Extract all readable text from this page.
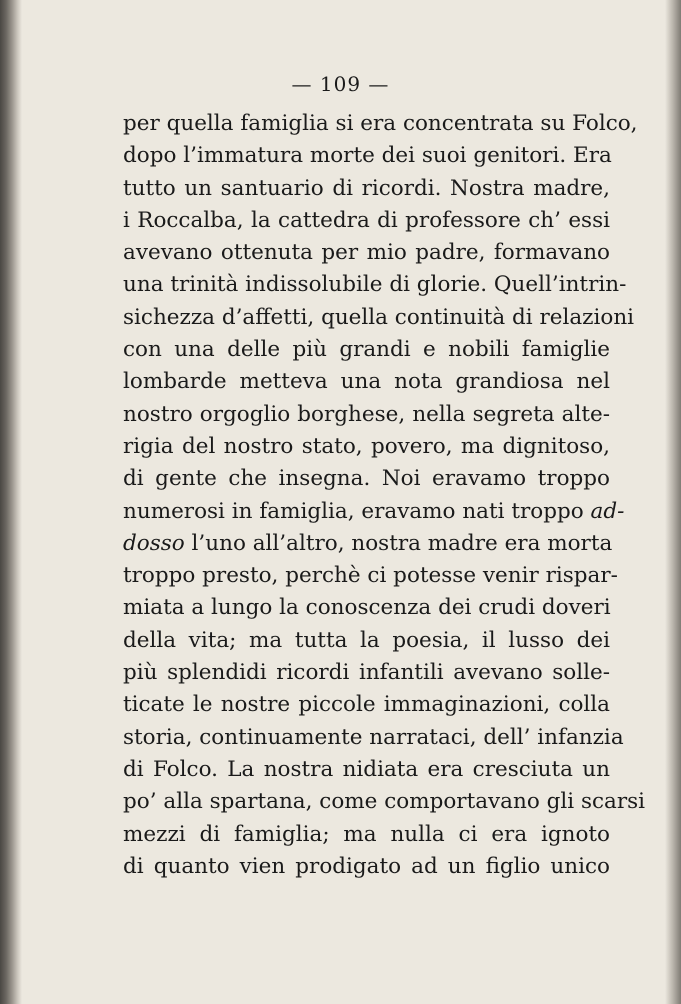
— 109 —
per quella famiglia si era concentrata su Folco,
dopo l’immatura morte dei suoi genitori. Era
tutto un santuario di ricordi. Nostra madre,
i Roccalba, la cattedra di professore ch’ essi
avevano ottenuta per mio padre, formavano
una trinità indissolubile di glorie. Quell’intrin-
sichezza d’affetti, quella continuità di relazioni
con una delle più grandi e nobili famiglie
lombarde metteva una nota grandiosa nel
nostro orgoglio borghese, nella segreta alte-
rigia del nostro stato, povero, ma dignitoso,
di gente che insegna. Noi eravamo troppo
numerosi in famiglia, eravamo nati troppo ad-
dosso l’uno all’altro, nostra madre era morta
troppo presto, perchè ci potesse venir rispar-
miata a lungo la conoscenza dei crudi doveri
della vita; ma tutta la poesia, il lusso dei
più splendidi ricordi infantili avevano solle-
ticate le nostre piccole immaginazioni, colla
storia, continuamente narrataci, dell’ infanzia
di Folco. La nostra nidiata era cresciuta un
po’ alla spartana, come comportavano gli scarsi
mezzi di famiglia; ma nulla ci era ignoto
di quanto vien prodigato ad un figlio unico
